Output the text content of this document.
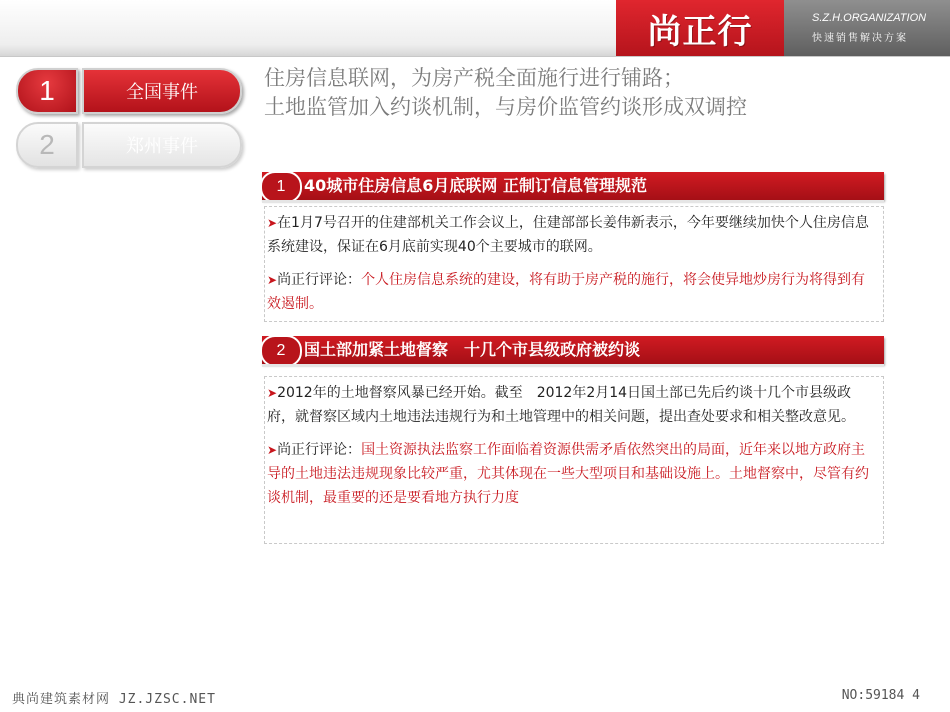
尚正行	S.Z.H.ORGANIZATION
快速销售解决方案
1	全国事件
2	郑州事件
住房信息联网，为房产税全面施行进行铺路；
土地监管加入约谈机制，与房价监管约谈形成双调控
1	40城市住房信息6月底联网 正制订信息管理规范

➤在1月7号召开的住建部机关工作会议上，住建部部长姜伟新表示，今年要继续加快个人住房信息系统建设，保证在6月底前实现40个主要城市的联网。

➤尚正行评论：个人住房信息系统的建设，将有助于房产税的施行，将会使异地炒房行为将得到有效遏制。

2	国土部加紧土地督察　十几个市县级政府被约谈

➤2012年的土地督察风暴已经开始。截至　2012年2月14日国土部已先后约谈十几个市县级政府，就督察区域内土地违法违规行为和土地管理中的相关问题，提出查处要求和相关整改意见。

➤尚正行评论：国土资源执法监察工作面临着资源供需矛盾依然突出的局面，近年来以地方政府主导的土地违法违规现象比较严重，尤其体现在一些大型项目和基础设施上。土地督察中，尽管有约谈机制，最重要的还是要看地方执行力度

典尚建筑素材网 JZ.JZSC.NET	NO:59184 4
